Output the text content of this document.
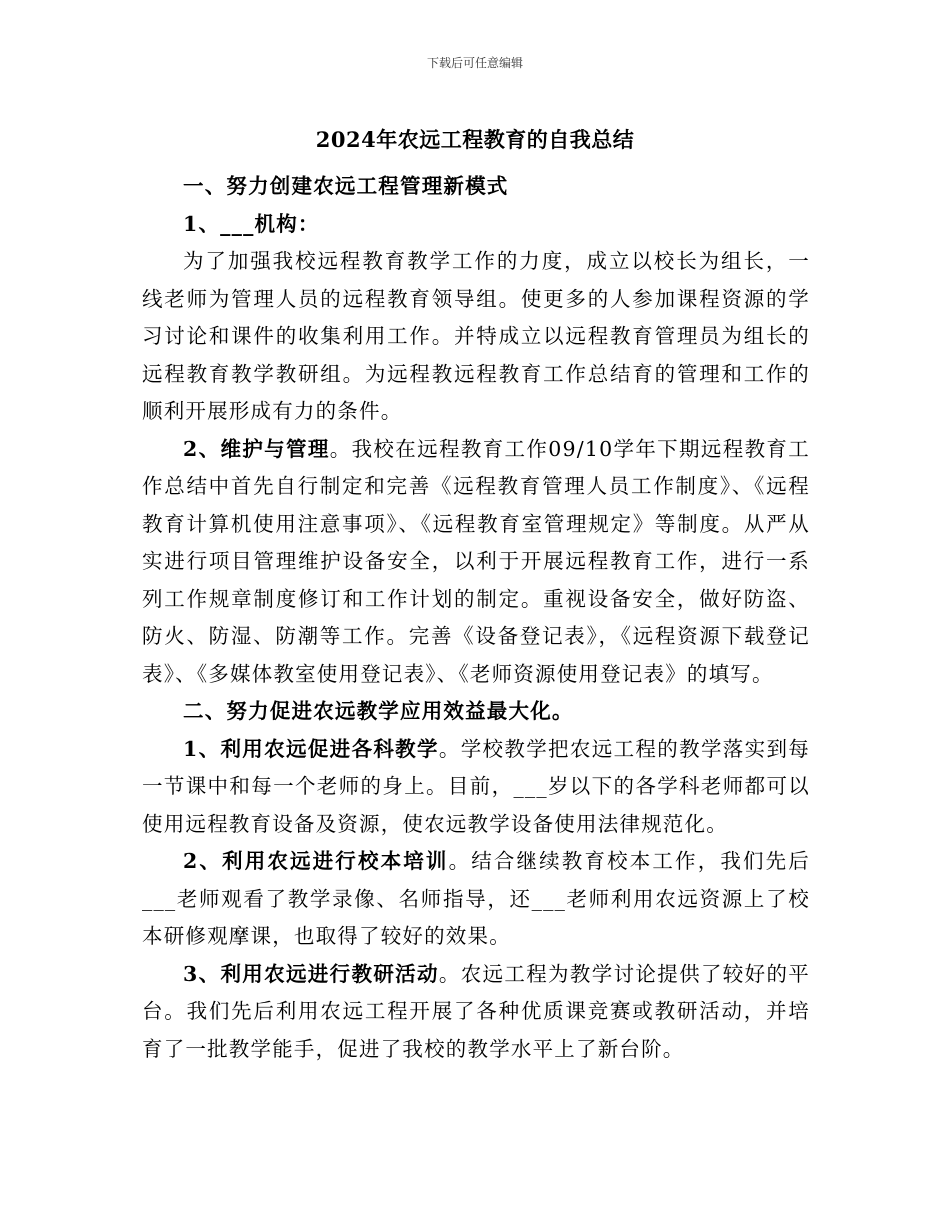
下载后可任意编辑
2024年农远工程教育的自我总结

一、努力创建农远工程管理新模式

1、___机构：

为了加强我校远程教育教学工作的力度，成立以校长为组长，一线老师为管理人员的远程教育领导组。使更多的人参加课程资源的学习讨论和课件的收集利用工作。并特成立以远程教育管理员为组长的远程教育教学教研组。为远程教远程教育工作总结育的管理和工作的顺利开展形成有力的条件。

2、维护与管理。我校在远程教育工作09/10学年下期远程教育工作总结中首先自行制定和完善《远程教育管理人员工作制度》、《远程教育计算机使用注意事项》、《远程教育室管理规定》等制度。从严从实进行项目管理维护设备安全，以利于开展远程教育工作，进行一系列工作规章制度修订和工作计划的制定。重视设备安全，做好防盗、防火、防湿、防潮等工作。完善《设备登记表》，《远程资源下载登记表》、《多媒体教室使用登记表》、《老师资源使用登记表》的填写。

二、努力促进农远教学应用效益最大化。

1、利用农远促进各科教学。学校教学把农远工程的教学落实到每一节课中和每一个老师的身上。目前，___岁以下的各学科老师都可以使用远程教育设备及资源，使农远教学设备使用法律规范化。

2、利用农远进行校本培训。结合继续教育校本工作，我们先后___老师观看了教学录像、名师指导，还___老师利用农远资源上了校本研修观摩课，也取得了较好的效果。

3、利用农远进行教研活动。农远工程为教学讨论提供了较好的平台。我们先后利用农远工程开展了各种优质课竞赛或教研活动，并培育了一批教学能手，促进了我校的教学水平上了新台阶。
